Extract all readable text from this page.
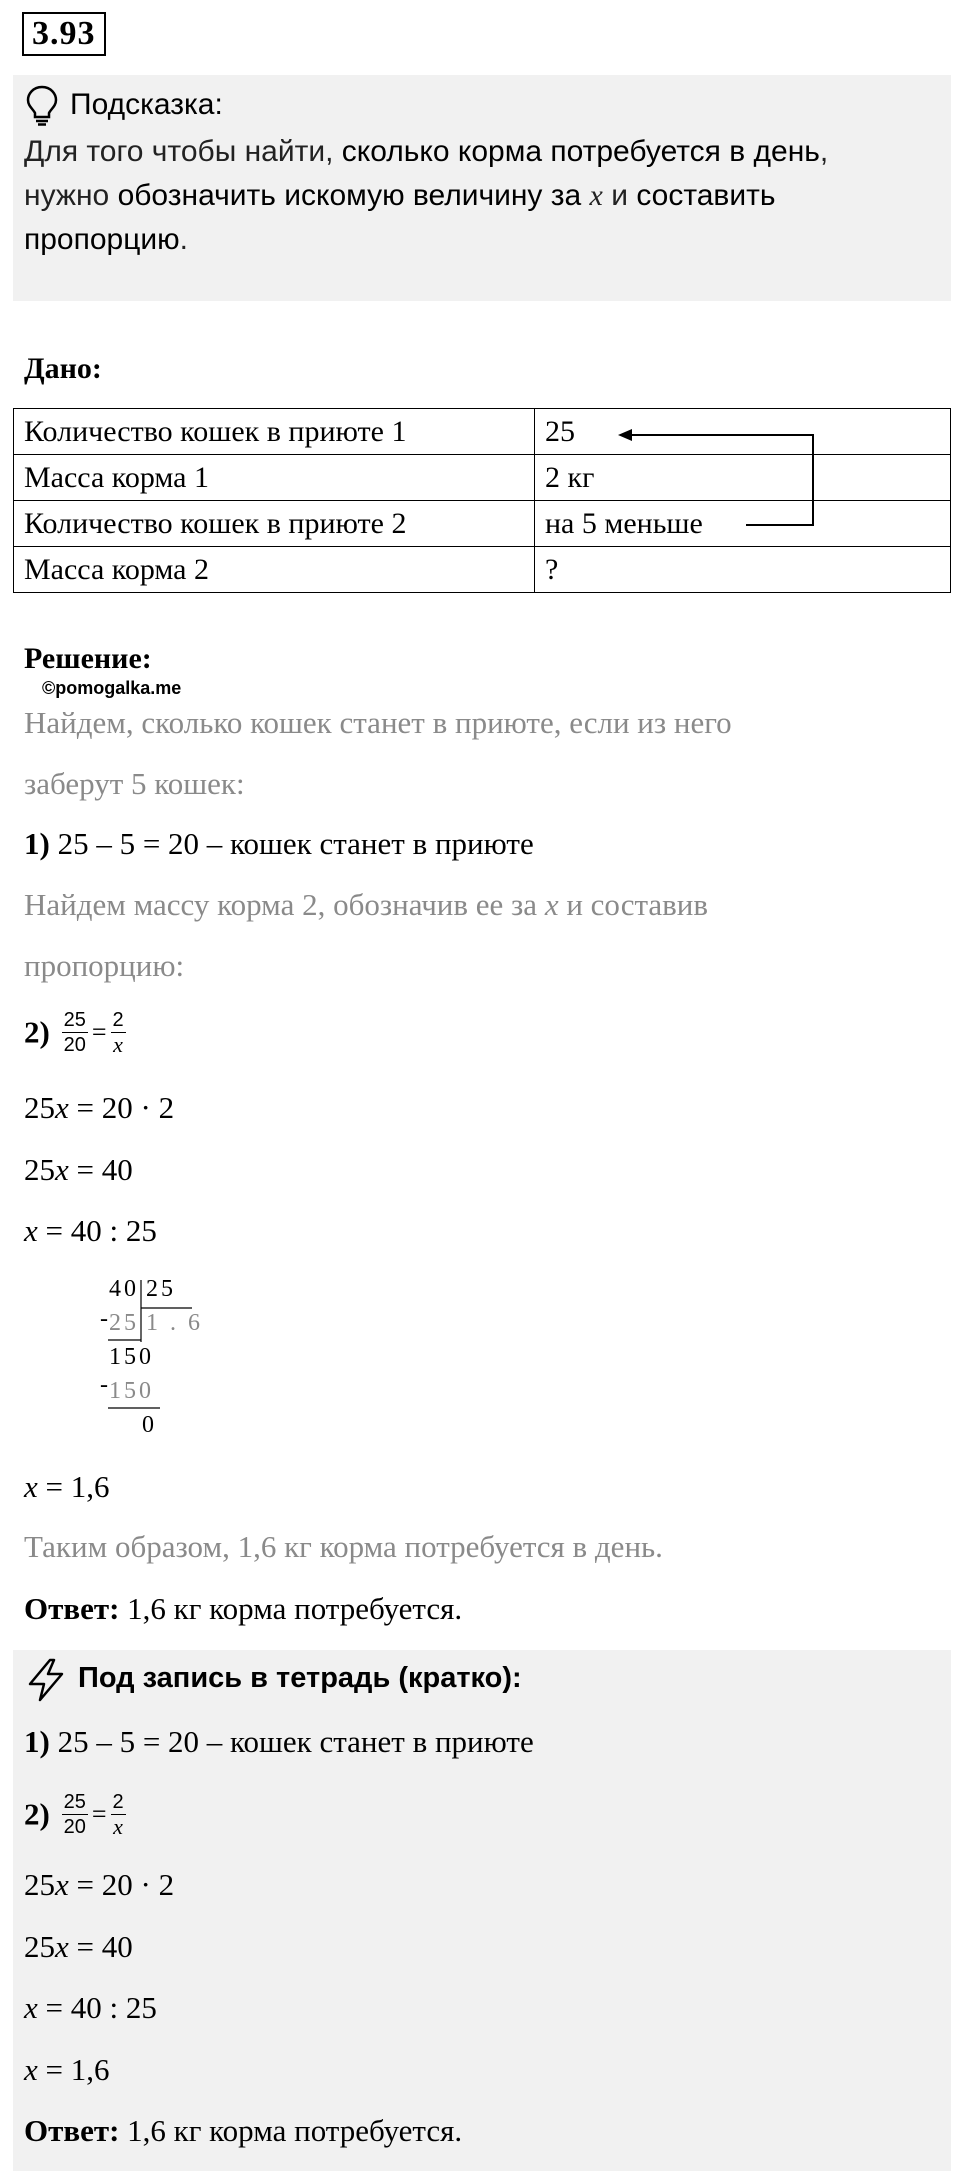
3.93
Подсказка:
Для того чтобы найти, сколько корма потребуется в день,
нужно обозначить искомую величину за x и составить
пропорцию.
Дано:
Количество кошек в приюте 1	25
Масса корма 1	2 кг
Количество кошек в приюте 2	на 5 меньше
Масса корма 2	?
Решение:
©pomogalka.me
Найдем, сколько кошек станет в приюте, если из него
заберут 5 кошек:
1) 25 – 5 = 20 – кошек станет в приюте
Найдем массу корма 2, обозначив ее за x и составив
пропорцию:
$2) \frac{25}{20} = \frac{2}{x}$
25x = 20 · 2
25x = 40
x = 40 : 25
40 25
-
25 1 . 6
150
-
150
0
x = 1,6
Таким образом, 1,6 кг корма потребуется в день.
Ответ: 1,6 кг корма потребуется.
Под запись в тетрадь (кратко):
1) 25 – 5 = 20 – кошек станет в приюте
$2) \frac{25}{20} = \frac{2}{x}$
25x = 20 · 2
25x = 40
x = 40 : 25
x = 1,6
Ответ: 1,6 кг корма потребуется.
